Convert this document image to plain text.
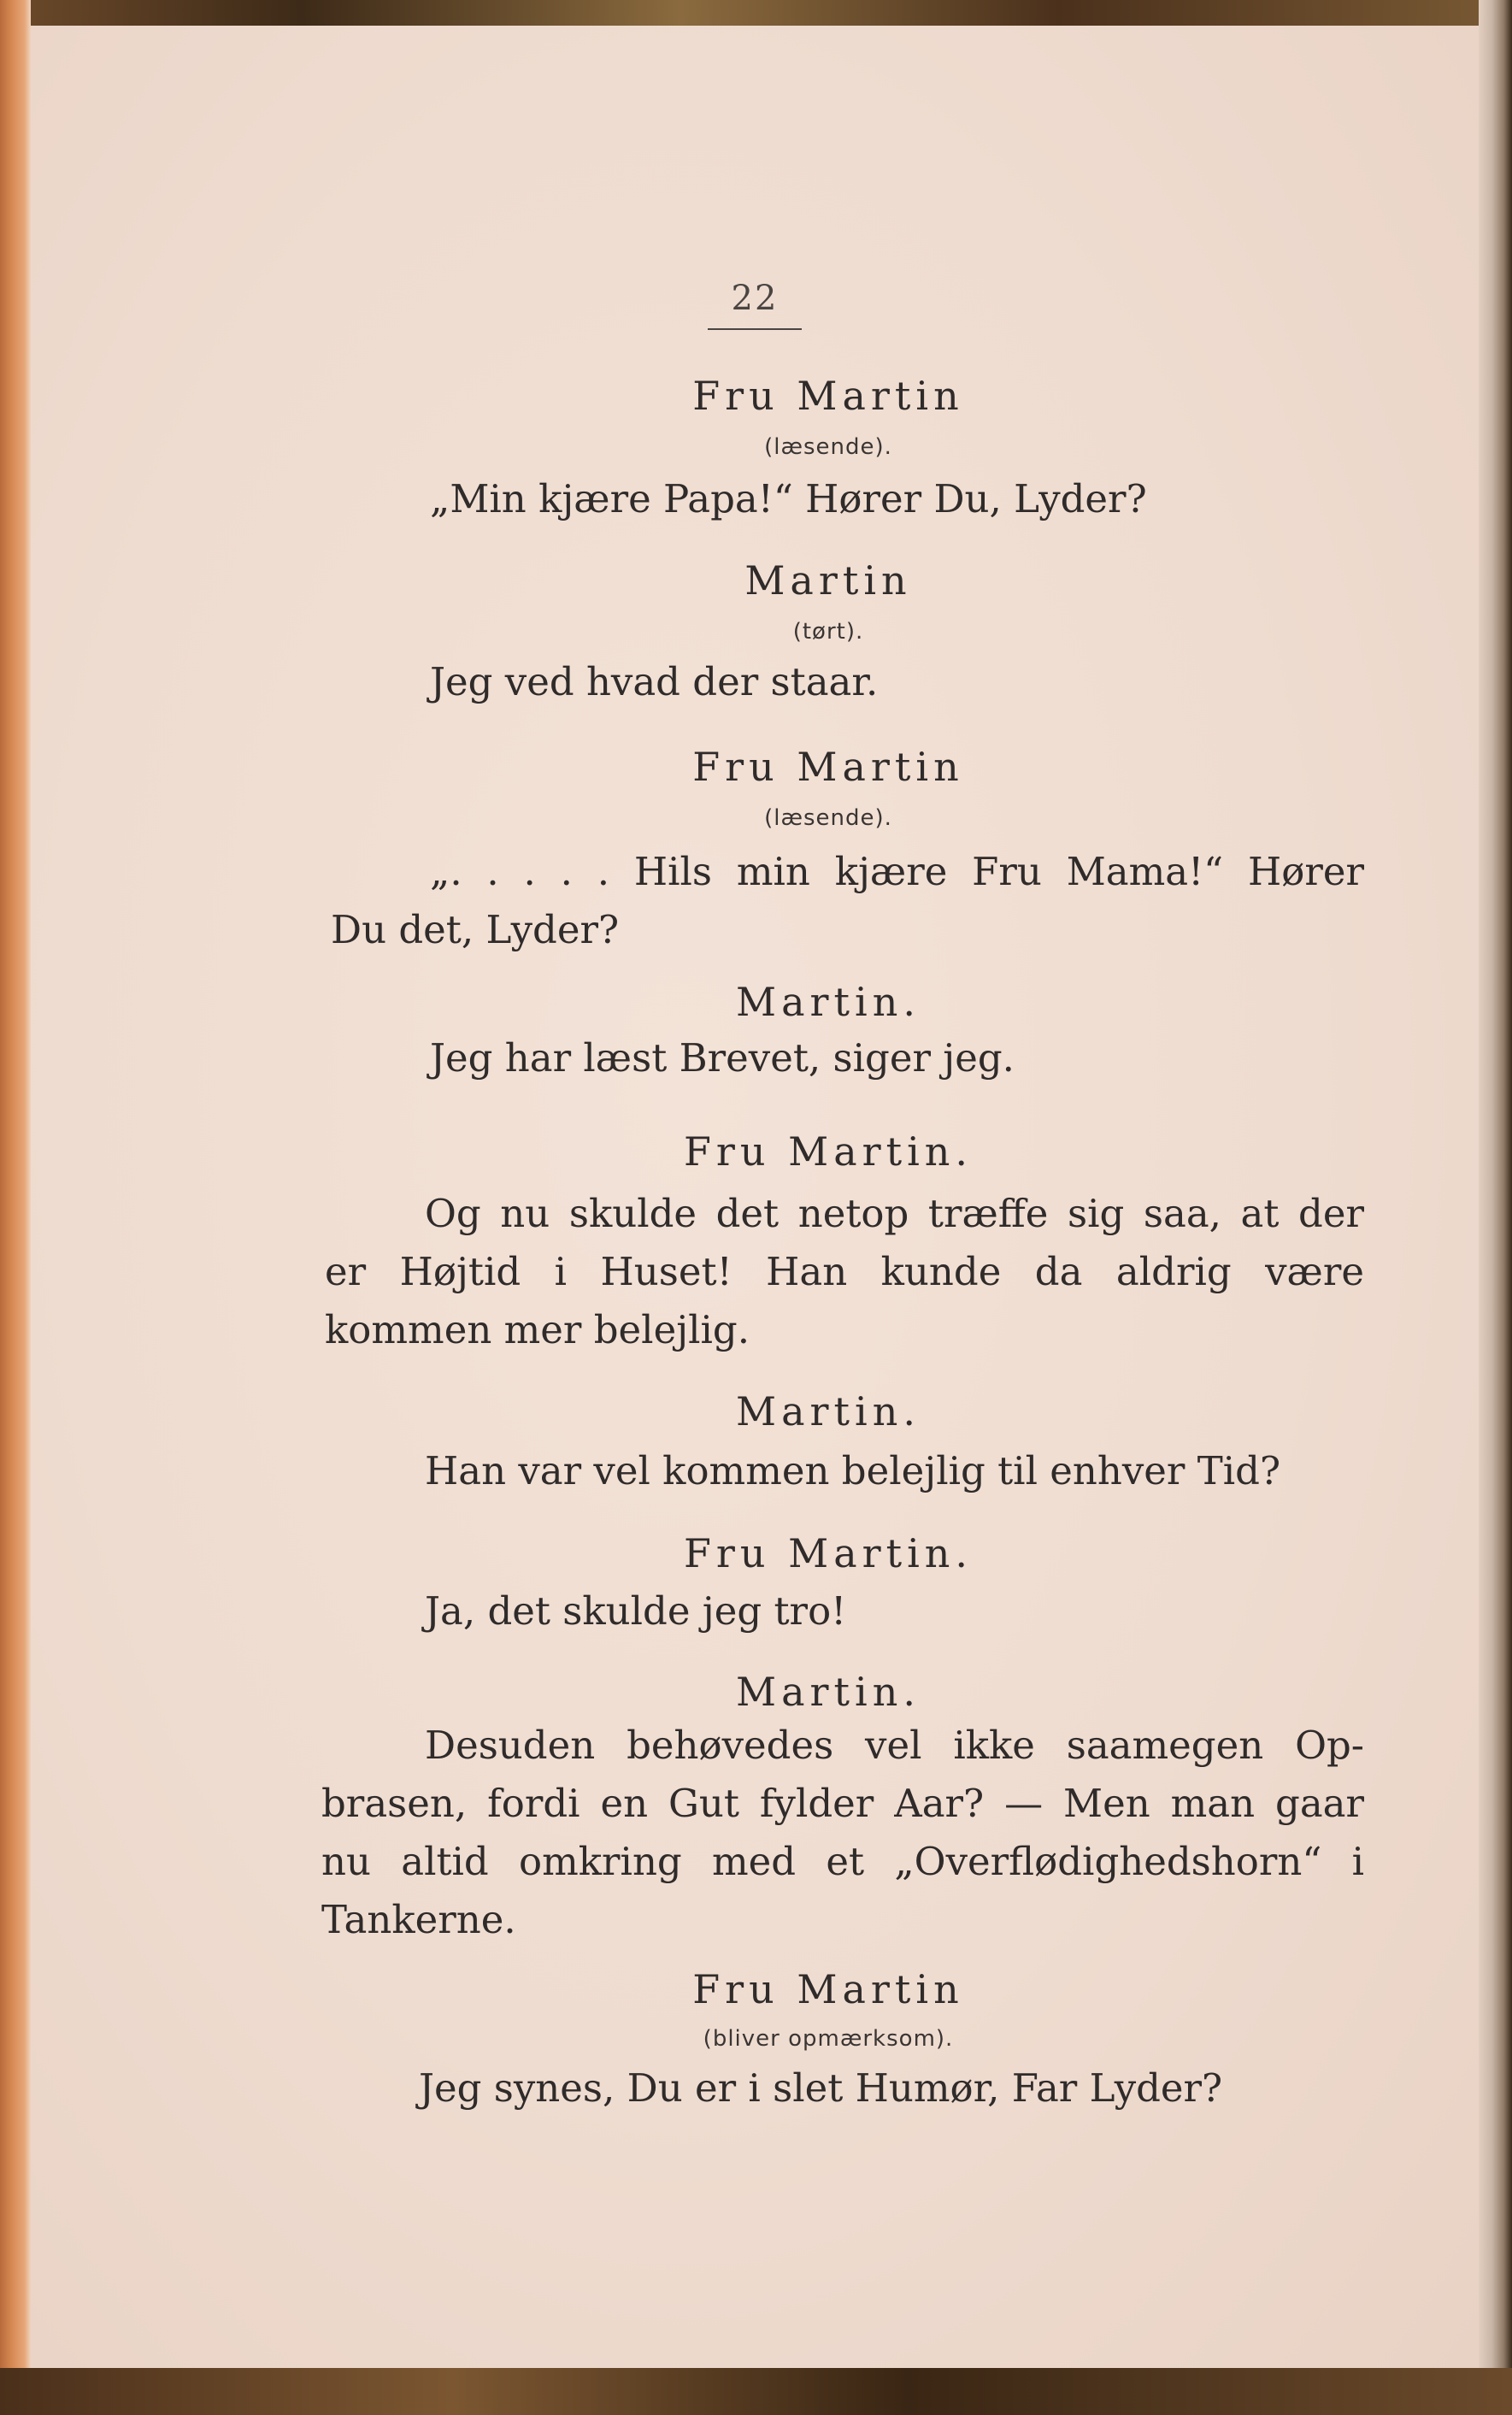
22
Fru Martin
(læsende).
„Min kjære Papa!“ Hører Du, Lyder?
Martin
(tørt).
Jeg ved hvad der staar.
Fru Martin
(læsende).
„. . . . . Hils min kjære Fru Mama!“ Hører
Du det, Lyder?
Martin.
Jeg har læst Brevet, siger jeg.
Fru Martin.
Og nu skulde det netop træffe sig saa, at der
er Højtid i Huset! Han kunde da aldrig være
kommen mer belejlig.
Martin.
Han var vel kommen belejlig til enhver Tid?
Fru Martin.
Ja, det skulde jeg tro!
Martin.
Desuden behøvedes vel ikke saamegen Op-
brasen, fordi en Gut fylder Aar? — Men man gaar
nu altid omkring med et „Overflødighedshorn“ i
Tankerne.
Fru Martin
(bliver opmærksom).
Jeg synes, Du er i slet Humør, Far Lyder?
